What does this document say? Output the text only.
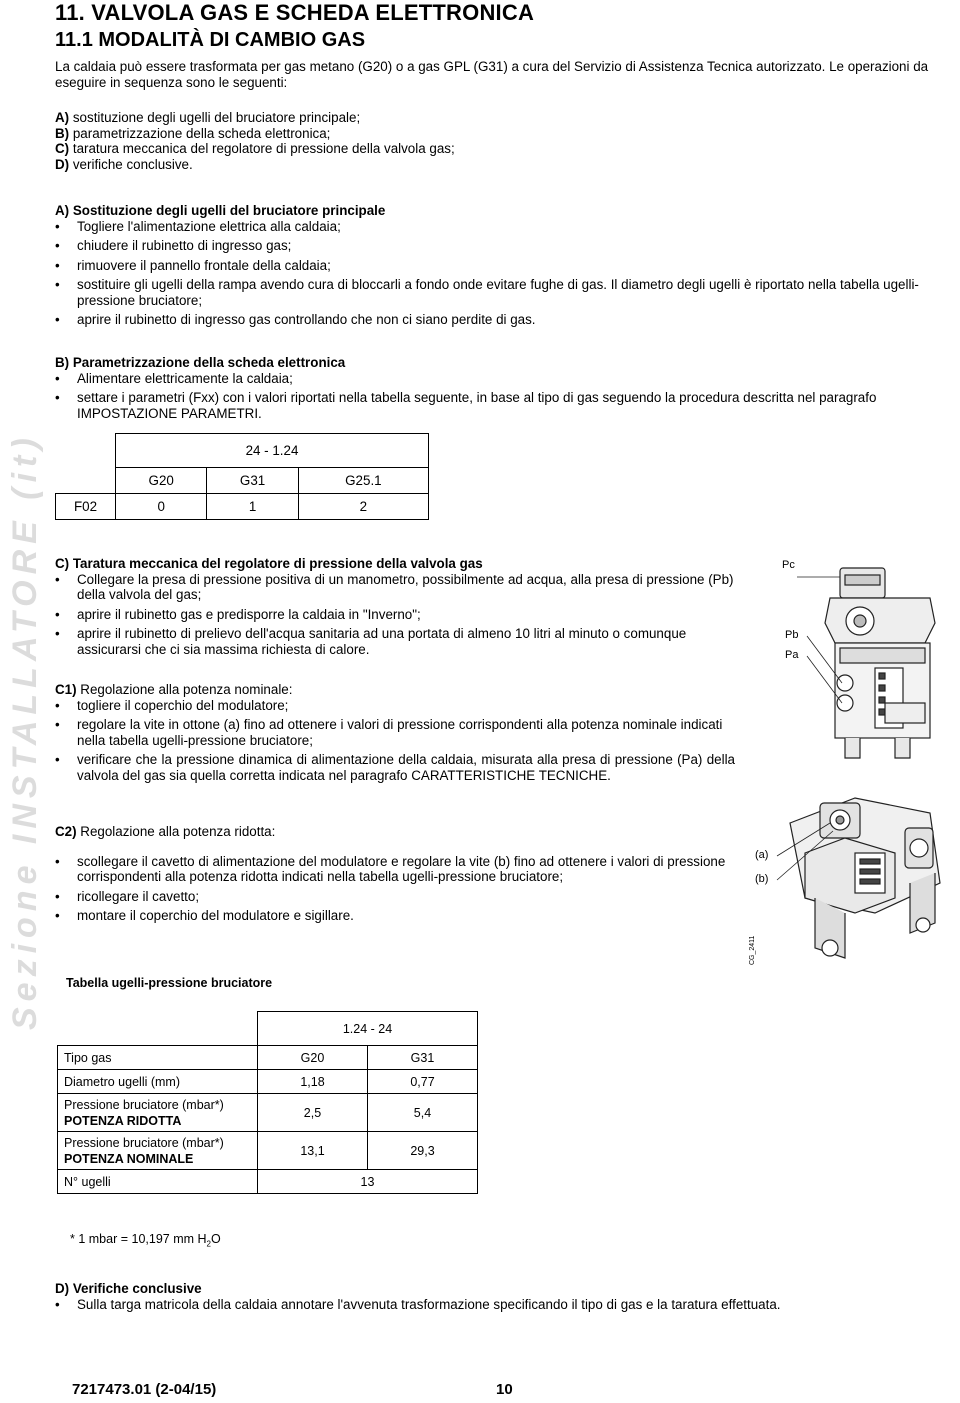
Sezione INSTALLATORE (it)
11. VALVOLA GAS E SCHEDA ELETTRONICA
11.1 MODALITÀ DI CAMBIO GAS
La caldaia può essere trasformata per gas metano (G20) o a gas GPL (G31) a cura del Servizio di Assistenza Tecnica autorizzato. Le operazioni da eseguire in sequenza sono le seguenti:
A) sostituzione degli ugelli del bruciatore principale;
B) parametrizzazione della scheda elettronica;
C) taratura meccanica del regolatore di pressione della valvola gas;
D) verifiche conclusive.
A) Sostituzione degli ugelli del bruciatore principale
• Togliere l'alimentazione elettrica alla caldaia;
• chiudere il rubinetto di ingresso gas;
• rimuovere il pannello frontale della caldaia;
• sostituire gli ugelli della rampa avendo cura di bloccarli a fondo onde evitare fughe di gas. Il diametro degli ugelli è riportato nella tabella ugelli-pressione bruciatore;
• aprire il rubinetto di ingresso gas controllando che non ci siano perdite di gas.
B) Parametrizzazione della scheda elettronica
• Alimentare elettricamente la caldaia;
• settare i parametri (Fxx) con i valori riportati nella tabella seguente, in base al tipo di gas seguendo la procedura descritta nel paragrafo IMPOSTAZIONE PARAMETRI.
	24 - 1.24		
	G20	G31	G25.1
F02	0	1	2
C) Taratura meccanica del regolatore di pressione della valvola gas
• Collegare la presa di pressione positiva di un manometro, possibilmente ad acqua, alla presa di pressione (Pb) della valvola del gas;
• aprire il rubinetto gas e predisporre la caldaia in "Inverno";
• aprire il rubinetto di prelievo dell'acqua sanitaria ad una portata di almeno 10 litri al minuto o comunque assicurarsi che ci sia massima richiesta di calore.
C1) Regolazione alla potenza nominale:
• togliere il coperchio del modulatore;
• regolare la vite in ottone (a) fino ad ottenere i valori di pressione corrispondenti alla potenza nominale indicati nella tabella ugelli-pressione bruciatore;
• verificare che la pressione dinamica di alimentazione della caldaia, misurata alla presa di pressione (Pa) della valvola del gas sia quella corretta indicata nel paragrafo CARATTERISTICHE TECNICHE.
C2) Regolazione alla potenza ridotta:
• scollegare il cavetto di alimentazione del modulatore e regolare la vite (b) fino ad ottenere i valori di pressione corrispondenti alla potenza ridotta indicati nella tabella ugelli-pressione bruciatore;
• ricollegare il cavetto;
• montare il coperchio del modulatore e sigillare.
Pc
Pb
Pa
(a)
(b)
CG_2411
Tabella ugelli-pressione bruciatore
	1.24 - 24	
Tipo gas	G20	G31
Diametro ugelli (mm)	1,18	0,77
Pressione bruciatore (mbar*)
POTENZA RIDOTTA	2,5	5,4
Pressione bruciatore (mbar*)
POTENZA NOMINALE	13,1	29,3
N° ugelli	13	
* 1 mbar = 10,197 mm $H_2O$
D) Verifiche conclusive
• Sulla targa matricola della caldaia annotare l'avvenuta trasformazione specificando il tipo di gas e la taratura effettuata.
7217473.01 (2-04/15)	10
